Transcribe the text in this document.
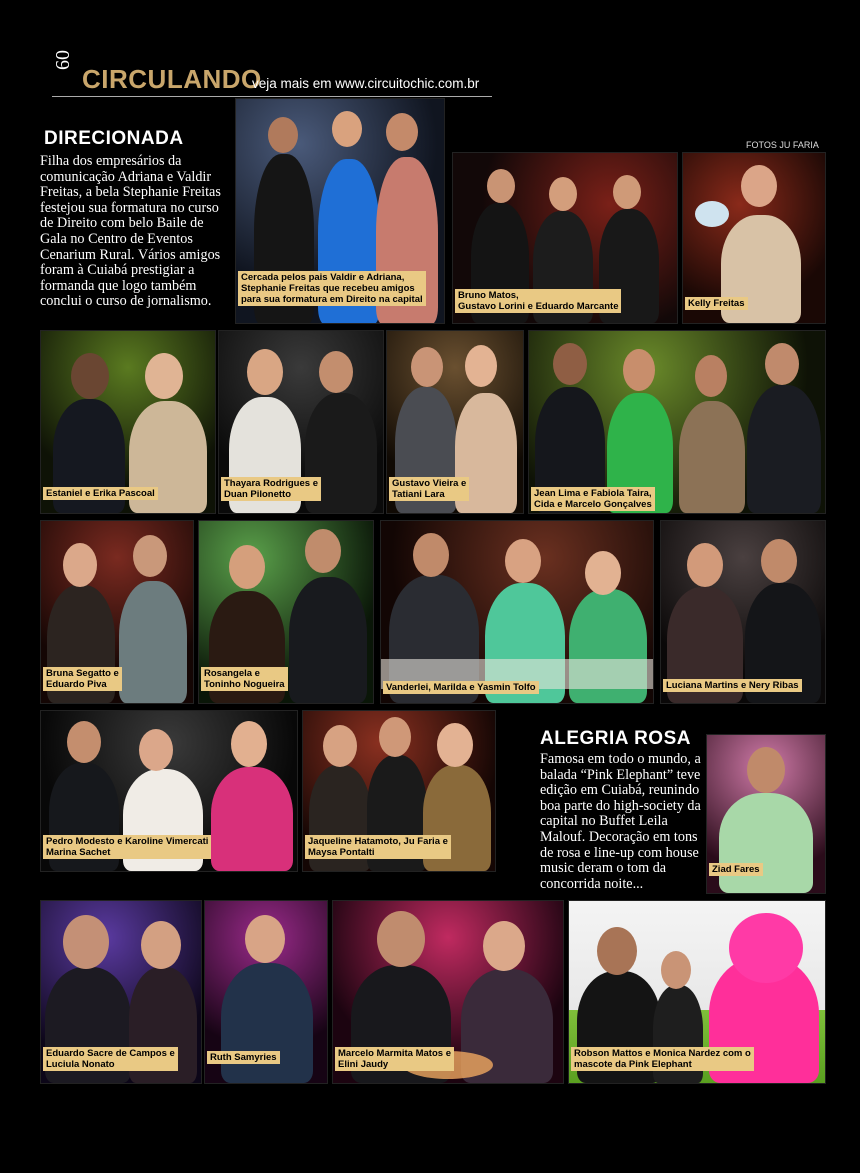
60
CIRCULANDO
veja mais em www.circuitochic.com.br
FOTOS JU FARIA
DIRECIONADA
Filha dos empresários da comunicação Adriana e Valdir Freitas, a bela Stephanie Freitas festejou sua formatura no curso de Direito com belo Baile de Gala no Centro de Eventos Cenarium Rural. Vários amigos foram à Cuiabá prestigiar a formanda que logo também conclui o curso de jornalismo.
Cercada pelos pais Valdir e Adriana,
Stephanie Freitas que recebeu amigos
para sua formatura em Direito na capital	Bruno Matos,
Gustavo Lorini e Eduardo Marcante	Kelly Freitas
Estaniel e Erika Pascoal
Thayara Rodrigues e
Duan Pilonetto
Gustavo Vieira e
Tatiani Lara	Jean Lima e Fabiola Taira,
Cida e Marcelo Gonçalves
Bruna Segatto e
Eduardo Piva
Rosangela e
Toninho Nogueira	Vanderlei, Marilda e Yasmin Tolfo	Luciana Martins e Nery Ribas
Pedro Modesto e Karoline Vimercati
Marina Sachet
Jaqueline Hatamoto, Ju Faria e
Maysa Pontalti
ALEGRIA ROSA
Famosa em todo o mundo, a balada “Pink Elephant” teve edição em Cuiabá, reunindo boa parte do high-society da capital no Buffet Leila Malouf. Decoração em tons de rosa e line-up com house music deram o tom da concorrida noite...
Ziad Fares
Eduardo Sacre de Campos e
Luciula Nonato
Ruth Samyries	Marcelo Marmita Matos e
Elini Jaudy
Robson Mattos e Monica Nardez com o
mascote da Pink Elephant
